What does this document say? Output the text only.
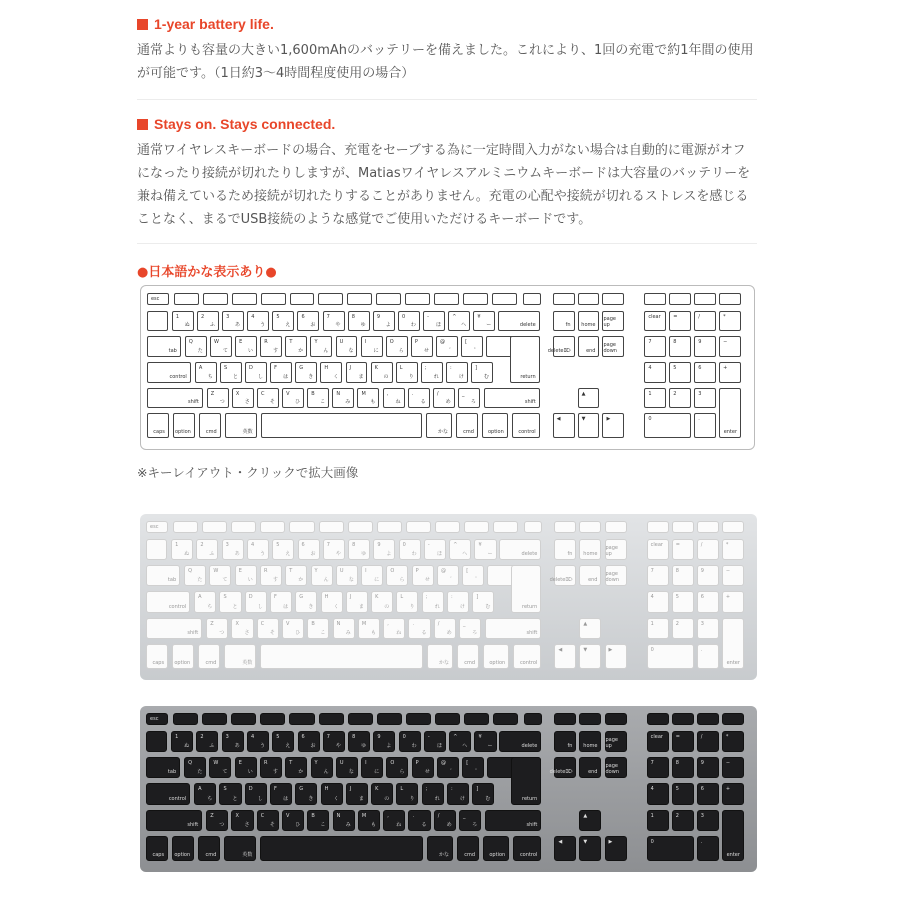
1-year battery life.

通常よりも容量の大きい1,600mAhのバッテリーを備えました。これにより、1回の充電で約1年間の使用が可能です。（1日約3〜4時間程度使用の場合）

Stays on. Stays connected.

通常ワイヤレスキーボードの場合、充電をセーブする為に一定時間入力がない場合は自動的に電源がオフになったり接続が切れたりしますが、Matiasワイヤレスアルミニウムキーボードは大容量のバッテリーを兼ね備えているため接続が切れたりすることがありません。充電の心配や接続が切れるストレスを感じることなく、まるでUSB接続のような感覚でご使用いただけるキーボードです。

●日本語かな表示あり●
※キーレイアウト・クリックで拡大画像
esc
1
ぬ
2
ふ
3
あ
4
う
5
え
6
お
7
や
8
ゆ
9
よ
0
わ
-
ほ
^
へ
¥
ー	delete
tab
Q
た
W
て
E
い
R
す
T
か
Y
ん
U
な
I
に
O
ら
P
せ
@
゛
[
゜
return
control
A
ち
S
と
D
し
F
は
G
き
H
く
J
ま
K
の
L
り
;
れ
:
け
]
む
shift
Z
つ
X
さ
C
そ
V
ひ
B
こ
N
み
M
も
,
ね
.
る
/
め
_
ろ	shift
caps option	cmd	英数	かな	cmd	option	control
fn home
page up
delete⌦	end
page down
▲
◀	▼	▶
clear	=	/	*
7	8	9	−
4	5	6	+
1	2	3
enter
0	.
esc
1
ぬ
2
ふ
3
あ
4
う
5
え
6
お
7
や
8
ゆ
9
よ
0
わ
-
ほ
^
へ
¥
ー	delete
tab
Q
た
W
て
E
い
R
す
T
か
Y
ん
U
な
I
に
O
ら
P
せ
@
゛
[
゜
return
control
A
ち
S
と
D
し
F
は
G
き
H
く
J
ま
K
の
L
り
;
れ
:
け
]
む
shift
Z
つ
X
さ
C
そ
V
ひ
B
こ
N
み
M
も
,
ね
.
る
/
め
_
ろ	shift
caps option	cmd	英数	かな	cmd	option	control
fn home
page up
delete⌦	end
page down
▲
◀	▼	▶
clear	=	/	*
7	8	9	−
4	5	6	+
1	2	3
enter
0	.
esc
1
ぬ
2
ふ
3
あ
4
う
5
え
6
お
7
や
8
ゆ
9
よ
0
わ
-
ほ
^
へ
¥
ー	delete
tab
Q
た
W
て
E
い
R
す
T
か
Y
ん
U
な
I
に
O
ら
P
せ
@
゛
[
゜
return
control
A
ち
S
と
D
し
F
は
G
き
H
く
J
ま
K
の
L
り
;
れ
:
け
]
む
shift
Z
つ
X
さ
C
そ
V
ひ
B
こ
N
み
M
も
,
ね
.
る
/
め
_
ろ	shift
caps option	cmd	英数	かな	cmd	option	control
fn home
page up
delete⌦	end
page down
▲
◀	▼	▶
clear	=	/	*
7	8	9	−
4	5	6	+
1	2	3
enter
0	.
